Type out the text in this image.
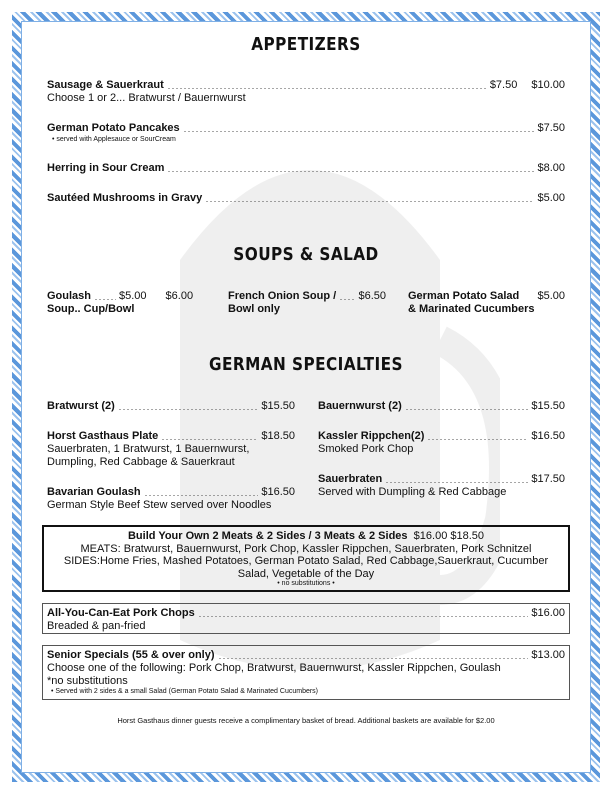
APPETIZERS
Sausage & Sauerkraut	$7.50 $10.00
Choose 1 or 2... Bratwurst / Bauernwurst
German Potato Pancakes	$7.50
• served with Applesauce or SourCream
Herring in Sour Cream	$8.00
Sautéed Mushrooms in Gravy	$5.00
SOUPS & SALAD
Goulash	$5.00 $6.00
Soup.. Cup/Bowl
French Onion Soup / $6.50
Bowl only
German Potato Salad $5.00
& Marinated Cucumbers
GERMAN SPECIALTIES
Bratwurst (2)	$15.50
Horst Gasthaus Plate	$18.50
Sauerbraten, 1 Bratwurst, 1 Bauernwurst,
Dumpling, Red Cabbage & Sauerkraut
Bavarian Goulash	$16.50
German Style Beef Stew served over Noodles
Bauernwurst (2)	$15.50
Kassler Rippchen(2)	$16.50
Smoked Pork Chop
Sauerbraten	$17.50
Served with Dumpling & Red Cabbage
Build Your Own 2 Meats & 2 Sides / 3 Meats & 2 Sides $16.00 $18.50
MEATS: Bratwurst, Bauernwurst, Pork Chop, Kassler Rippchen, Sauerbraten, Pork Schnitzel
SIDES:Home Fries, Mashed Potatoes, German Potato Salad, Red Cabbage,Sauerkraut, Cucumber
Salad, Vegetable of the Day
• no substitutions •
All-You-Can-Eat Pork Chops	$16.00
Breaded & pan-fried
Senior Specials (55 & over only)	$13.00
Choose one of the following: Pork Chop, Bratwurst, Bauernwurst, Kassler Rippchen, Goulash
*no substitutions
• Served with 2 sides & a small Salad (German Potato Salad & Marinated Cucumbers)
Horst Gasthaus dinner guests receive a complimentary basket of bread. Additional baskets are available for $2.00
